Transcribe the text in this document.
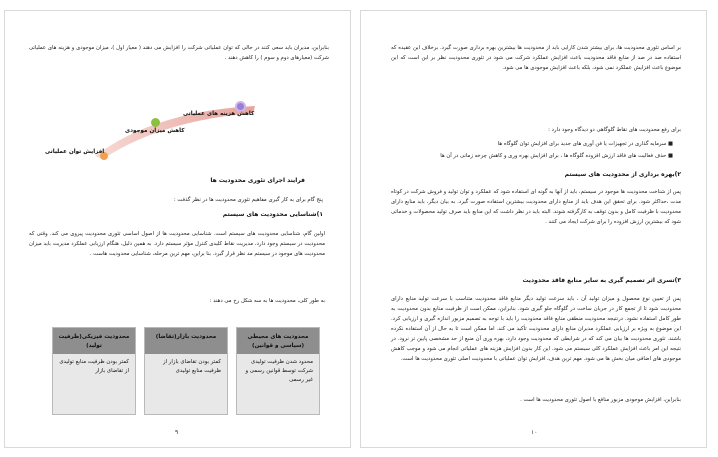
بنابراین، مدیران باید سعی کنند در حالی که توان عملیاتی شرکت را افزایش می دهند ( معیار اول )، میزان موجودی و هزینه های عملیاتی شرکت (معیارهای دوم و سوم ) را کاهش دهند .
افزایش توان عملیاتی
کاهش میزان موجودی
کاهش هزینه های عملیاتی
فرایند اجرای تئوری محدودیت ها
پنج گام برای به کار گیری مفاهیم تئوری محدودیت ها در نظر گذفت :
۱)شناسایی محدودیت های سیستم
اولین گام، شناسایی محدودیت های سیستم است. شناسایی محدودیت ها از اصول اساسی تئوری محدودیت پیروی می کند. وقتی که محدودیت در سیستم وجود دارد، مدیریت نقاط کلیدی کنترل مؤثر سیستم دارد. به همین دلیل، هنگام ارزیابی عملکرد مدیریت باید میزان محدودیت های موجود در سیستم مد نظر قرار گیرد. بنا براین، مهم ترین مرحله، شناسایی محدودیت هاست .
به طور کلی، محدودیت ها به سه شکل رخ می دهند :
محدودیت های محیطی (سیاسی و قوانین)
محدود شدن ظرفیت تولیدی شرکت توسط قوانین رسمی و غیر رسمی
محدودیت بازار(تقاضا)
کمتر بودن تقاضای بازار از ظرفیت منابع تولیدی
محدودیت فیزیکی(ظرفیت تولید)
کمتر بودن ظرفیت منابع تولیدی از تقاضای بازار
۹
بر اساس تئوری محدودیت ها، برای بیشتر شدن کارایی باید از محدودیت ها بیشترین بهره برداری صورت گیرد. برخلاف این عقیده که استفاده صد در صد از منابع فاقد محدودیت باعث افزایش عملکرد شرکت می شود در تئوری محدودیت نظر بر این است که این موضوع باعث افزایش عملکرد نمی شود، بلکه باعث افزایش موجودی ها می شود.
برای رفع محدودیت های نقاط گلوگاهی دو دیدگاه وجود دارد :
■ سرمایه گذاری در تجهیزات یا فن آوری های جدید برای افزایش توان گلوگاه ها
■ حذف فعالیت های فاقد ارزش افزوده گلوگاه ها ، برای افزایش بهره وری و کاهش چرخه زمانی در آن ها
۲)بهره برداری از محدودیت های سیستم
پس از شناخت محدودیت ها موجود در سیستم، باید از آنها به گونه ای استفاده شود که عملکرد و توان تولید و فروش شرکت در کوتاه مدت ،حداکثر شود. برای تحقق این هدف باید از منابع دارای محدودیت بیشترین استفاده صورت گیرد. به بیان دیگر، باید منابع دارای محدودیت با ظرفیت کامل و بدون توقف به کارگرفته شوند. البته باید در نظر داشت که این منابع باید صرف تولید محصولات و خدماتی شود که بیشترین ارزش افزوده را برای شرکت ایجاد می کنند .
۳)تسری اثر تصمیم گیری به سایر منابع فاقد محدودیت
پس از تعیین نوع محصول و میزان تولید آن ، باید سرعت تولید دیگر منابع فاقد محدودیت متناسب با سرعت تولید منابع دارای محدودیت شود تا از تجمع کار در جریان ساخت در گلوگاه جلو گیری شود. بنابراین، ممکن است از ظرفیت منابع بدون محدودیت به طور کامل استفاده نشود. درنتیجه محدودیت منطقی منابع فاقد محدودیت را باید با توجه به تصمیم مزبور اندازه گیری و ارزیابی کرد. این موضوع به ویژه بر ارزیابی عملکرد مدیران منابع دارای محدودیت تأکید می کند. اما ممکن است تا به حال از آن استفاده نکرده باشند. تئوری محدودیت ها بیان می کند که در شرایطی که محدودیت وجود دارد، بهره وری آن منبع از حد مشخصی پایین تر نرود. در نتیجه این امر باعث افزایش عملکرد کلی سیستم می شود. این کار بدون افزایش هزینه های عملیاتی انجام می شود و موجب کاهش موجودی های اضافی میان بخش ها می شود. مهم ترین هدف، افزایش توان عملیاتی با محدودیت اصلی تئوری محدودیت ها است.
بنابراین، افزایش موجودی مزبور منافع با اصول تئوری محدودیت ها است .
۱۰
